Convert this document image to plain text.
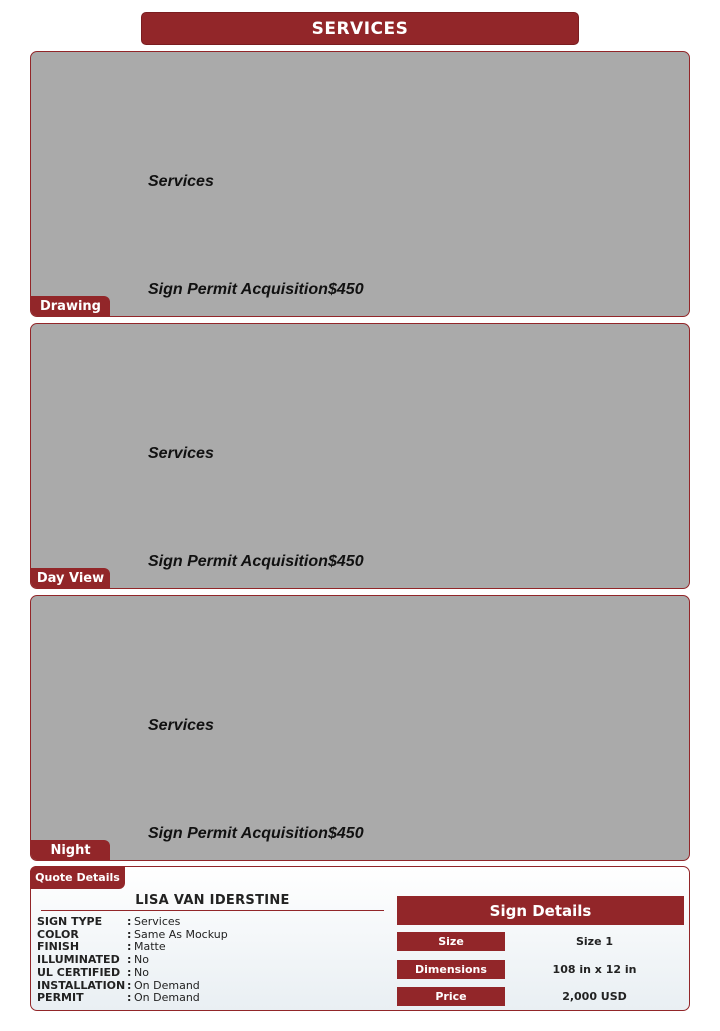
SERVICES

Services

Sign Permit Acquisition$450

Drawing

Services

Sign Permit Acquisition$450

Day View

Services

Sign Permit Acquisition$450

Night
Quote Details
LISA VAN IDERSTINE
SIGN TYPE	: Services
COLOR	: Same As Mockup
FINISH	: Matte
ILLUMINATED : No
UL CERTIFIED : No
INSTALLATION : On Demand
PERMIT	: On Demand
Sign Details
Size	Size 1
Dimensions	108 in x 12 in
Price	2,000 USD
